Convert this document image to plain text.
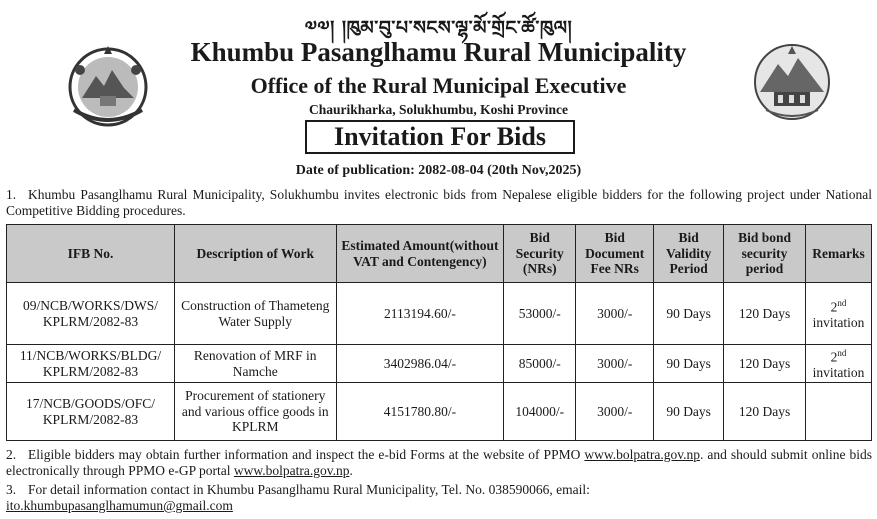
༧༧། །ཁུམ་བུ་པ་སངས་ལྷ་མོ་གྲོང་ཚོ་ཁུལ།
Khumbu Pasanglhamu Rural Municipality
Office of the Rural Municipal Executive
Chaurikharka, Solukhumbu, Koshi Province
Invitation For Bids
Date of publication: 2082-08-04 (20th Nov,2025)
1. Khumbu Pasanglhamu Rural Municipality, Solukhumbu invites electronic bids from Nepalese eligible bidders for the following project under National Competitive Bidding procedures.
IFB No.	Description of Work	Estimated Amount(without VAT and Contengency)	Bid Security (NRs)	Bid Document Fee NRs	Bid Validity Period	Bid bond security period	Remarks
09/NCB/WORKS/DWS/ KPLRM/2082-83	Construction of Thameteng Water Supply	2113194.60/-	53000/-	3000/-	90 Days	120 Days	2nd
invitation
11/NCB/WORKS/BLDG/ KPLRM/2082-83	Renovation of MRF in Namche	3402986.04/-	85000/-	3000/-	90 Days	120 Days	2nd
invitation
17/NCB/GOODS/OFC/ KPLRM/2082-83	Procurement of stationery and various office goods in KPLRM	4151780.80/-	104000/-	3000/-	90 Days	120 Days	
2. Eligible bidders may obtain further information and inspect the e-bid Forms at the website of PPMO www.bolpatra.gov.np. and should submit online bids electronically through PPMO e-GP portal www.bolpatra.gov.np.
3. For detail information contact in Khumbu Pasanglhamu Rural Municipality, Tel. No. 038590066, email:
ito.khumbupasanglhamumun@gmail.com
